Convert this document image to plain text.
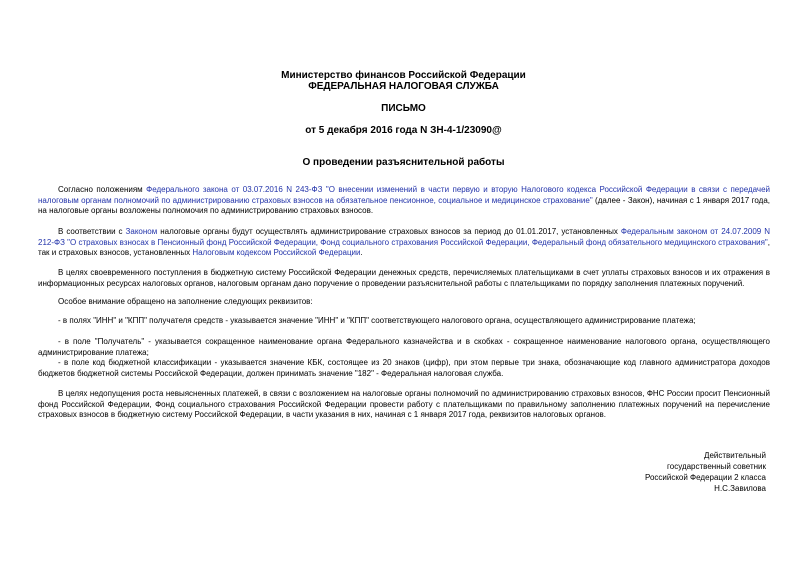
Министерство финансов Российской Федерации
ФЕДЕРАЛЬНАЯ НАЛОГОВАЯ СЛУЖБА
ПИСЬМО
от 5 декабря 2016 года N ЗН-4-1/23090@
О проведении разъяснительной работы

Согласно положениям Федерального закона от 03.07.2016 N 243-ФЗ "О внесении изменений в части первую и вторую Налогового кодекса Российской Федерации в связи с передачей налоговым органам полномочий по администрированию страховых взносов на обязательное пенсионное, социальное и медицинское страхование" (далее - Закон), начиная с 1 января 2017 года, на налоговые органы возложены полномочия по администрированию страховых взносов.

В соответствии с Законом налоговые органы будут осуществлять администрирование страховых взносов за период до 01.01.2017, установленных Федеральным законом от 24.07.2009 N 212-ФЗ "О страховых взносах в Пенсионный фонд Российской Федерации, Фонд социального страхования Российской Федерации, Федеральный фонд обязательного медицинского страхования", так и страховых взносов, установленных Налоговым кодексом Российской Федерации.

В целях своевременного поступления в бюджетную систему Российской Федерации денежных средств, перечисляемых плательщиками в счет уплаты страховых взносов и их отражения в информационных ресурсах налоговых органов, налоговым органам дано поручение о проведении разъяснительной работы с плательщиками по порядку заполнения платежных поручений.

Особое внимание обращено на заполнение следующих реквизитов:

- в полях "ИНН" и "КПП" получателя средств - указывается значение "ИНН" и "КПП" соответствующего налогового органа, осуществляющего администрирование платежа;

- в поле "Получатель" - указывается сокращенное наименование органа Федерального казначейства и в скобках - сокращенное наименование налогового органа, осуществляющего администрирование платежа;

- в поле код бюджетной классификации - указывается значение КБК, состоящее из 20 знаков (цифр), при этом первые три знака, обозначающие код главного администратора доходов бюджетов бюджетной системы Российской Федерации, должен принимать значение "182" - Федеральная налоговая служба.

В целях недопущения роста невыясненных платежей, в связи с возложением на налоговые органы полномочий по администрированию страховых взносов, ФНС России просит Пенсионный фонд Российской Федерации, Фонд социального страхования Российской Федерации провести работу с плательщиками по правильному заполнению платежных поручений на перечисление страховых взносов в бюджетную систему Российской Федерации, в части указания в них, начиная с 1 января 2017 года, реквизитов налоговых органов.

Действительный
государственный советник
Российской Федерации 2 класса
Н.С.Завилова
